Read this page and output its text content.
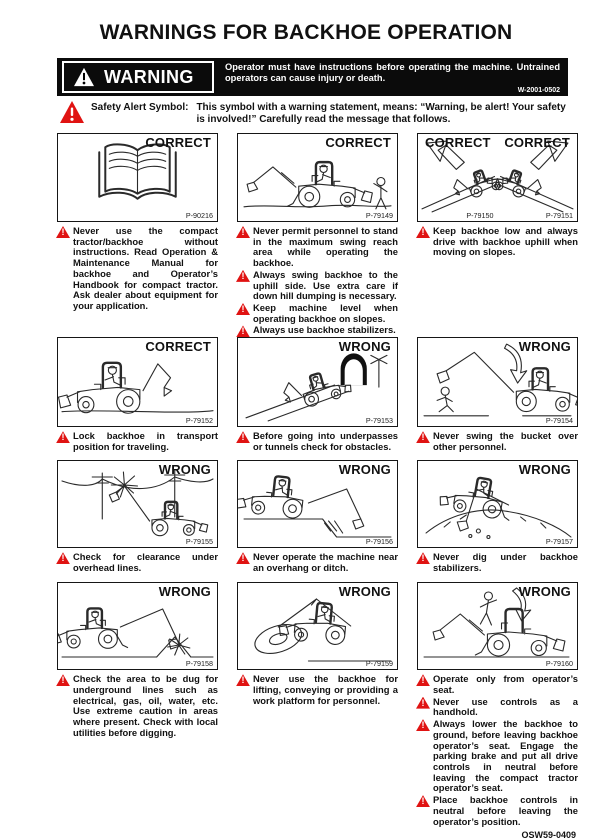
WARNINGS FOR BACKHOE OPERATION
WARNING	Operator must have instructions before operating the machine. Untrained operators can cause injury or death.
W-2001-0502
Safety Alert Symbol: This symbol with a warning statement, means: “Warning, be alert! Your safety is involved!” Carefully read the message that follows.
CORRECT
P-90216
!
Never use the compact tractor/backhoe without instructions. Read Operation & Maintenance Manual for backhoe and Operator’s Handbook for compact tractor. Ask dealer about equipment for your application.
CORRECT
P-79149
!
Never permit personnel to stand in the maximum swing reach area while operating the backhoe.
!
Always swing backhoe to the uphill side. Use extra care if down hill dumping is necessary.
!
Keep machine level when operating backhoe on slopes.
!
Always use backhoe stabilizers.
CORRECT CORRECT
P-79150	P-79151
!
Keep backhoe low and always drive with backhoe uphill when moving on slopes.
CORRECT
P-79152
!
Lock backhoe in transport position for traveling.
WRONG
P-79153
!
Before going into underpasses or tunnels check for obstacles.
WRONG
P-79154
!
Never swing the bucket over other personnel.
WRONG
P-79155
!
Check for clearance under overhead lines.
WRONG
P-79156
!
Never operate the machine near an overhang or ditch.
WRONG
P-79157
!
Never dig under backhoe stabilizers.
WRONG
P-79158
!
Check the area to be dug for underground lines such as electrical, gas, oil, water, etc. Use extreme caution in areas where present. Check with local utilities before digging.
WRONG
P-79159
!
Never use the backhoe for lifting, conveying or providing a work platform for personnel.
WRONG
P-79160
!
Operate only from operator’s seat.
!
Never use controls as a handhold.
!
Always lower the backhoe to ground, before leaving backhoe operator’s seat. Engage the parking brake and put all drive controls in neutral before leaving the compact tractor operator’s seat.
!
Place backhoe controls in neutral before leaving the operator’s position.
OSW59-0409
